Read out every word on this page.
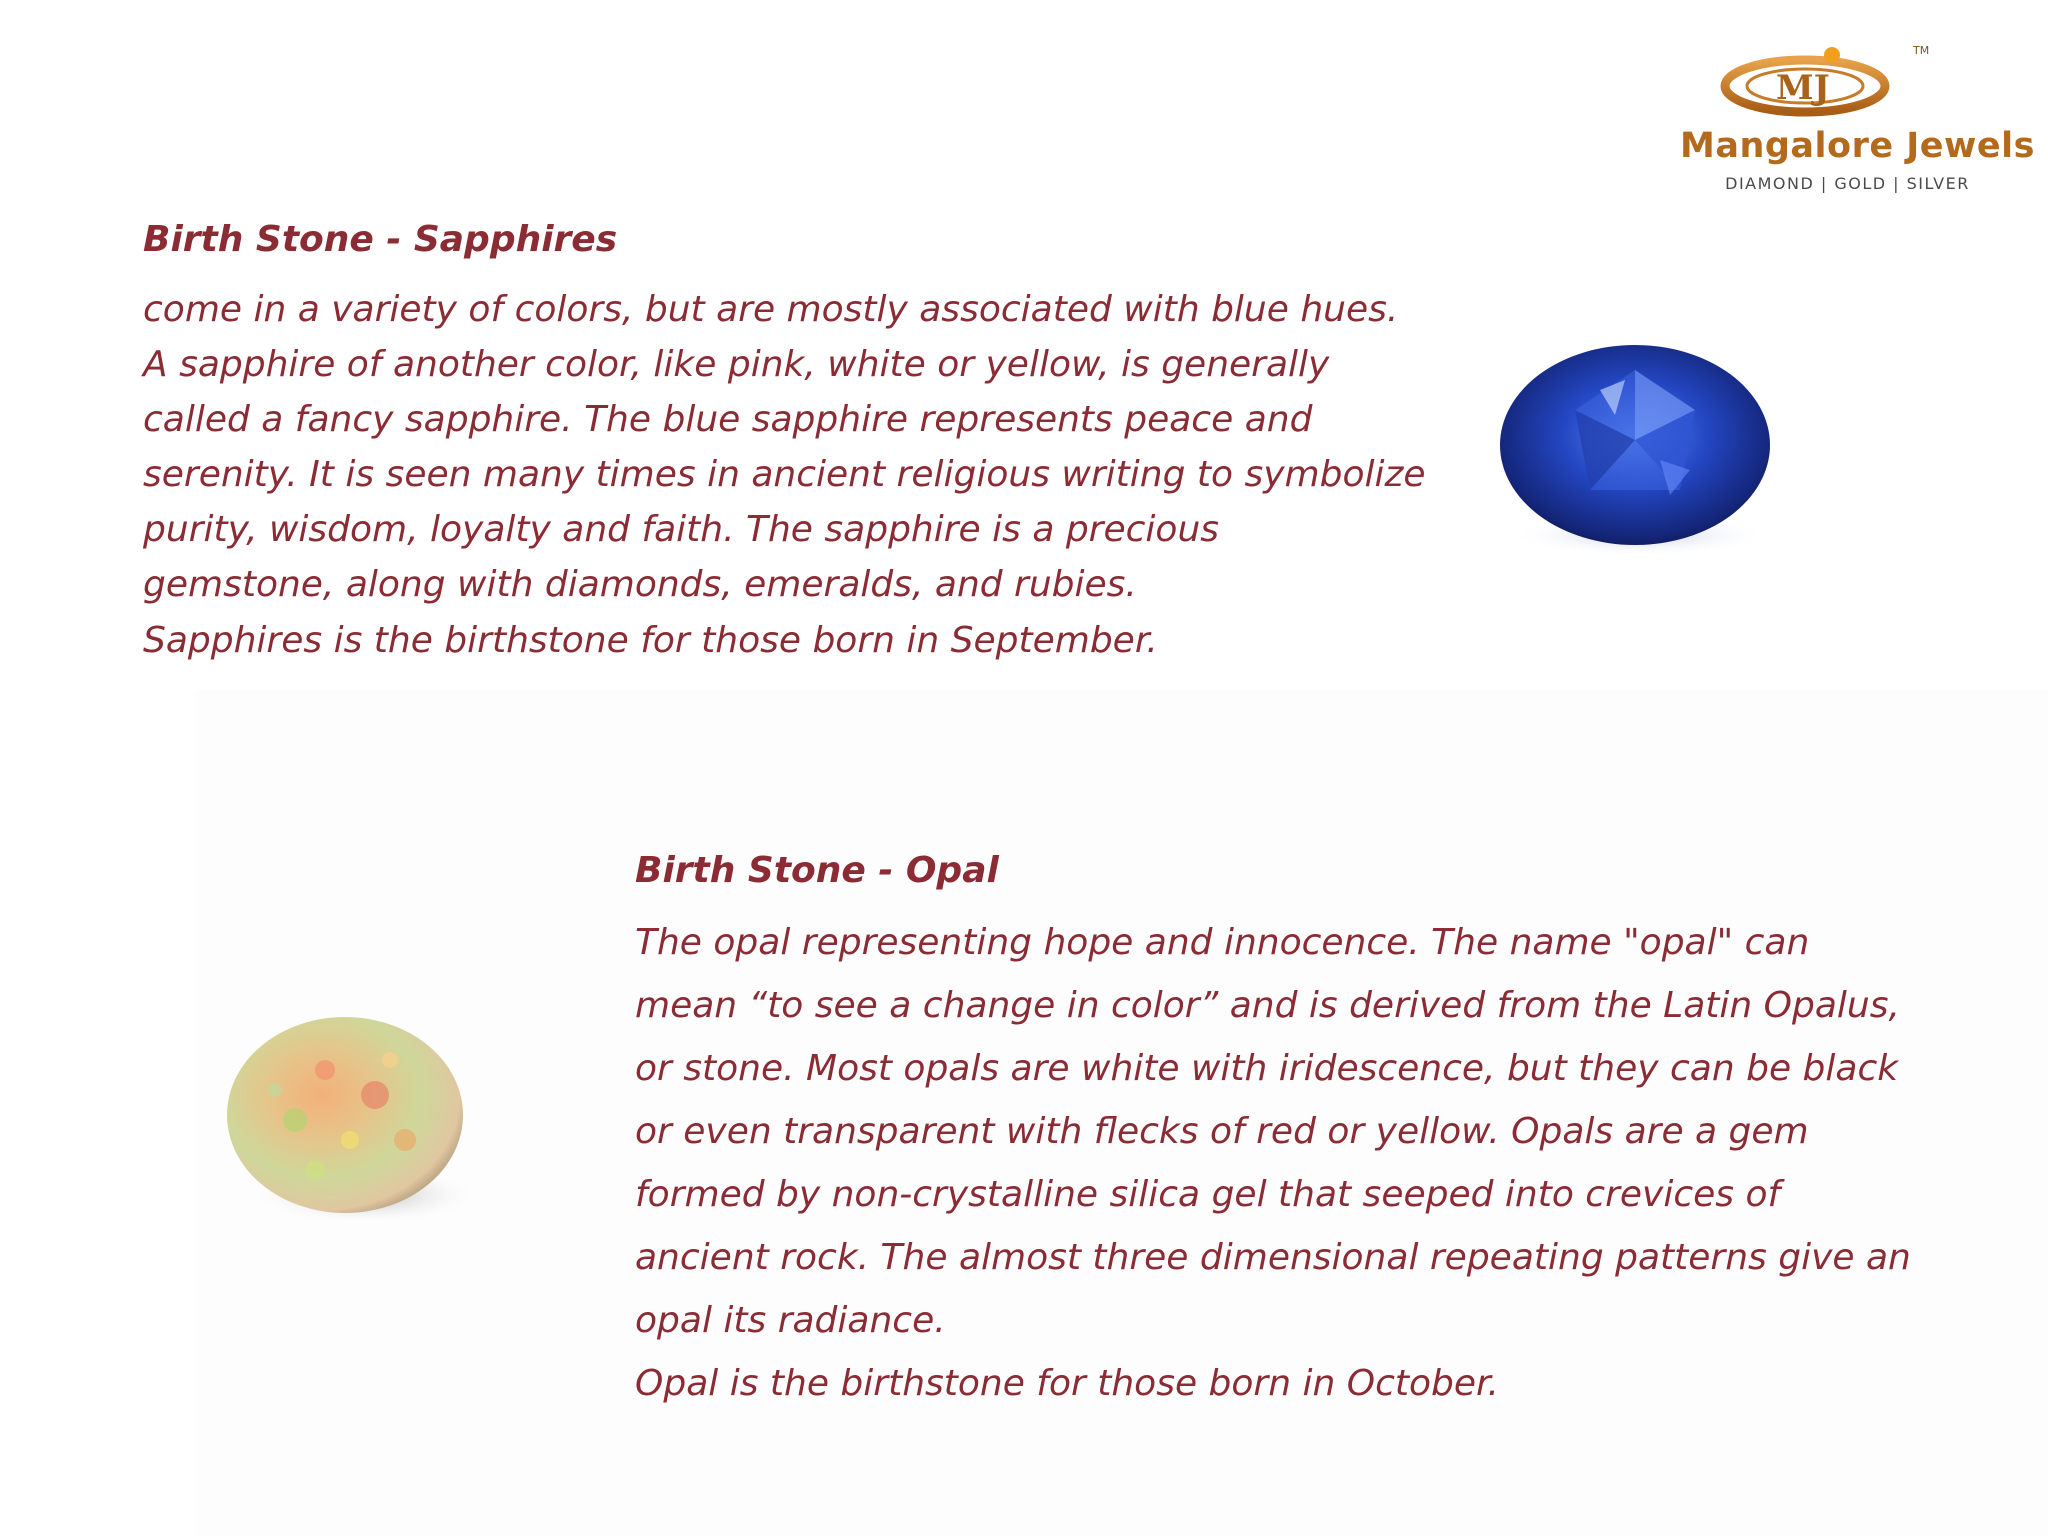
MJ
TM
Mangalore Jewels
DIAMOND | GOLD | SILVER
Birth Stone - Sapphires

come in a variety of colors, but are mostly associated with blue hues.
A sapphire of another color, like pink, white or yellow, is generally
called a fancy sapphire. The blue sapphire represents peace and
serenity. It is seen many times in ancient religious writing to symbolize
purity, wisdom, loyalty and faith. The sapphire is a precious
gemstone, along with diamonds, emeralds, and rubies.

Sapphires is the birthstone for those born in September.

Birth Stone - Opal

The opal representing hope and innocence. The name "opal" can
mean “to see a change in color” and is derived from the Latin Opalus,
or stone. Most opals are white with iridescence, but they can be black
or even transparent with flecks of red or yellow. Opals are a gem
formed by non-crystalline silica gel that seeped into crevices of
ancient rock. The almost three dimensional repeating patterns give an
opal its radiance.
Opal is the birthstone for those born in October.
